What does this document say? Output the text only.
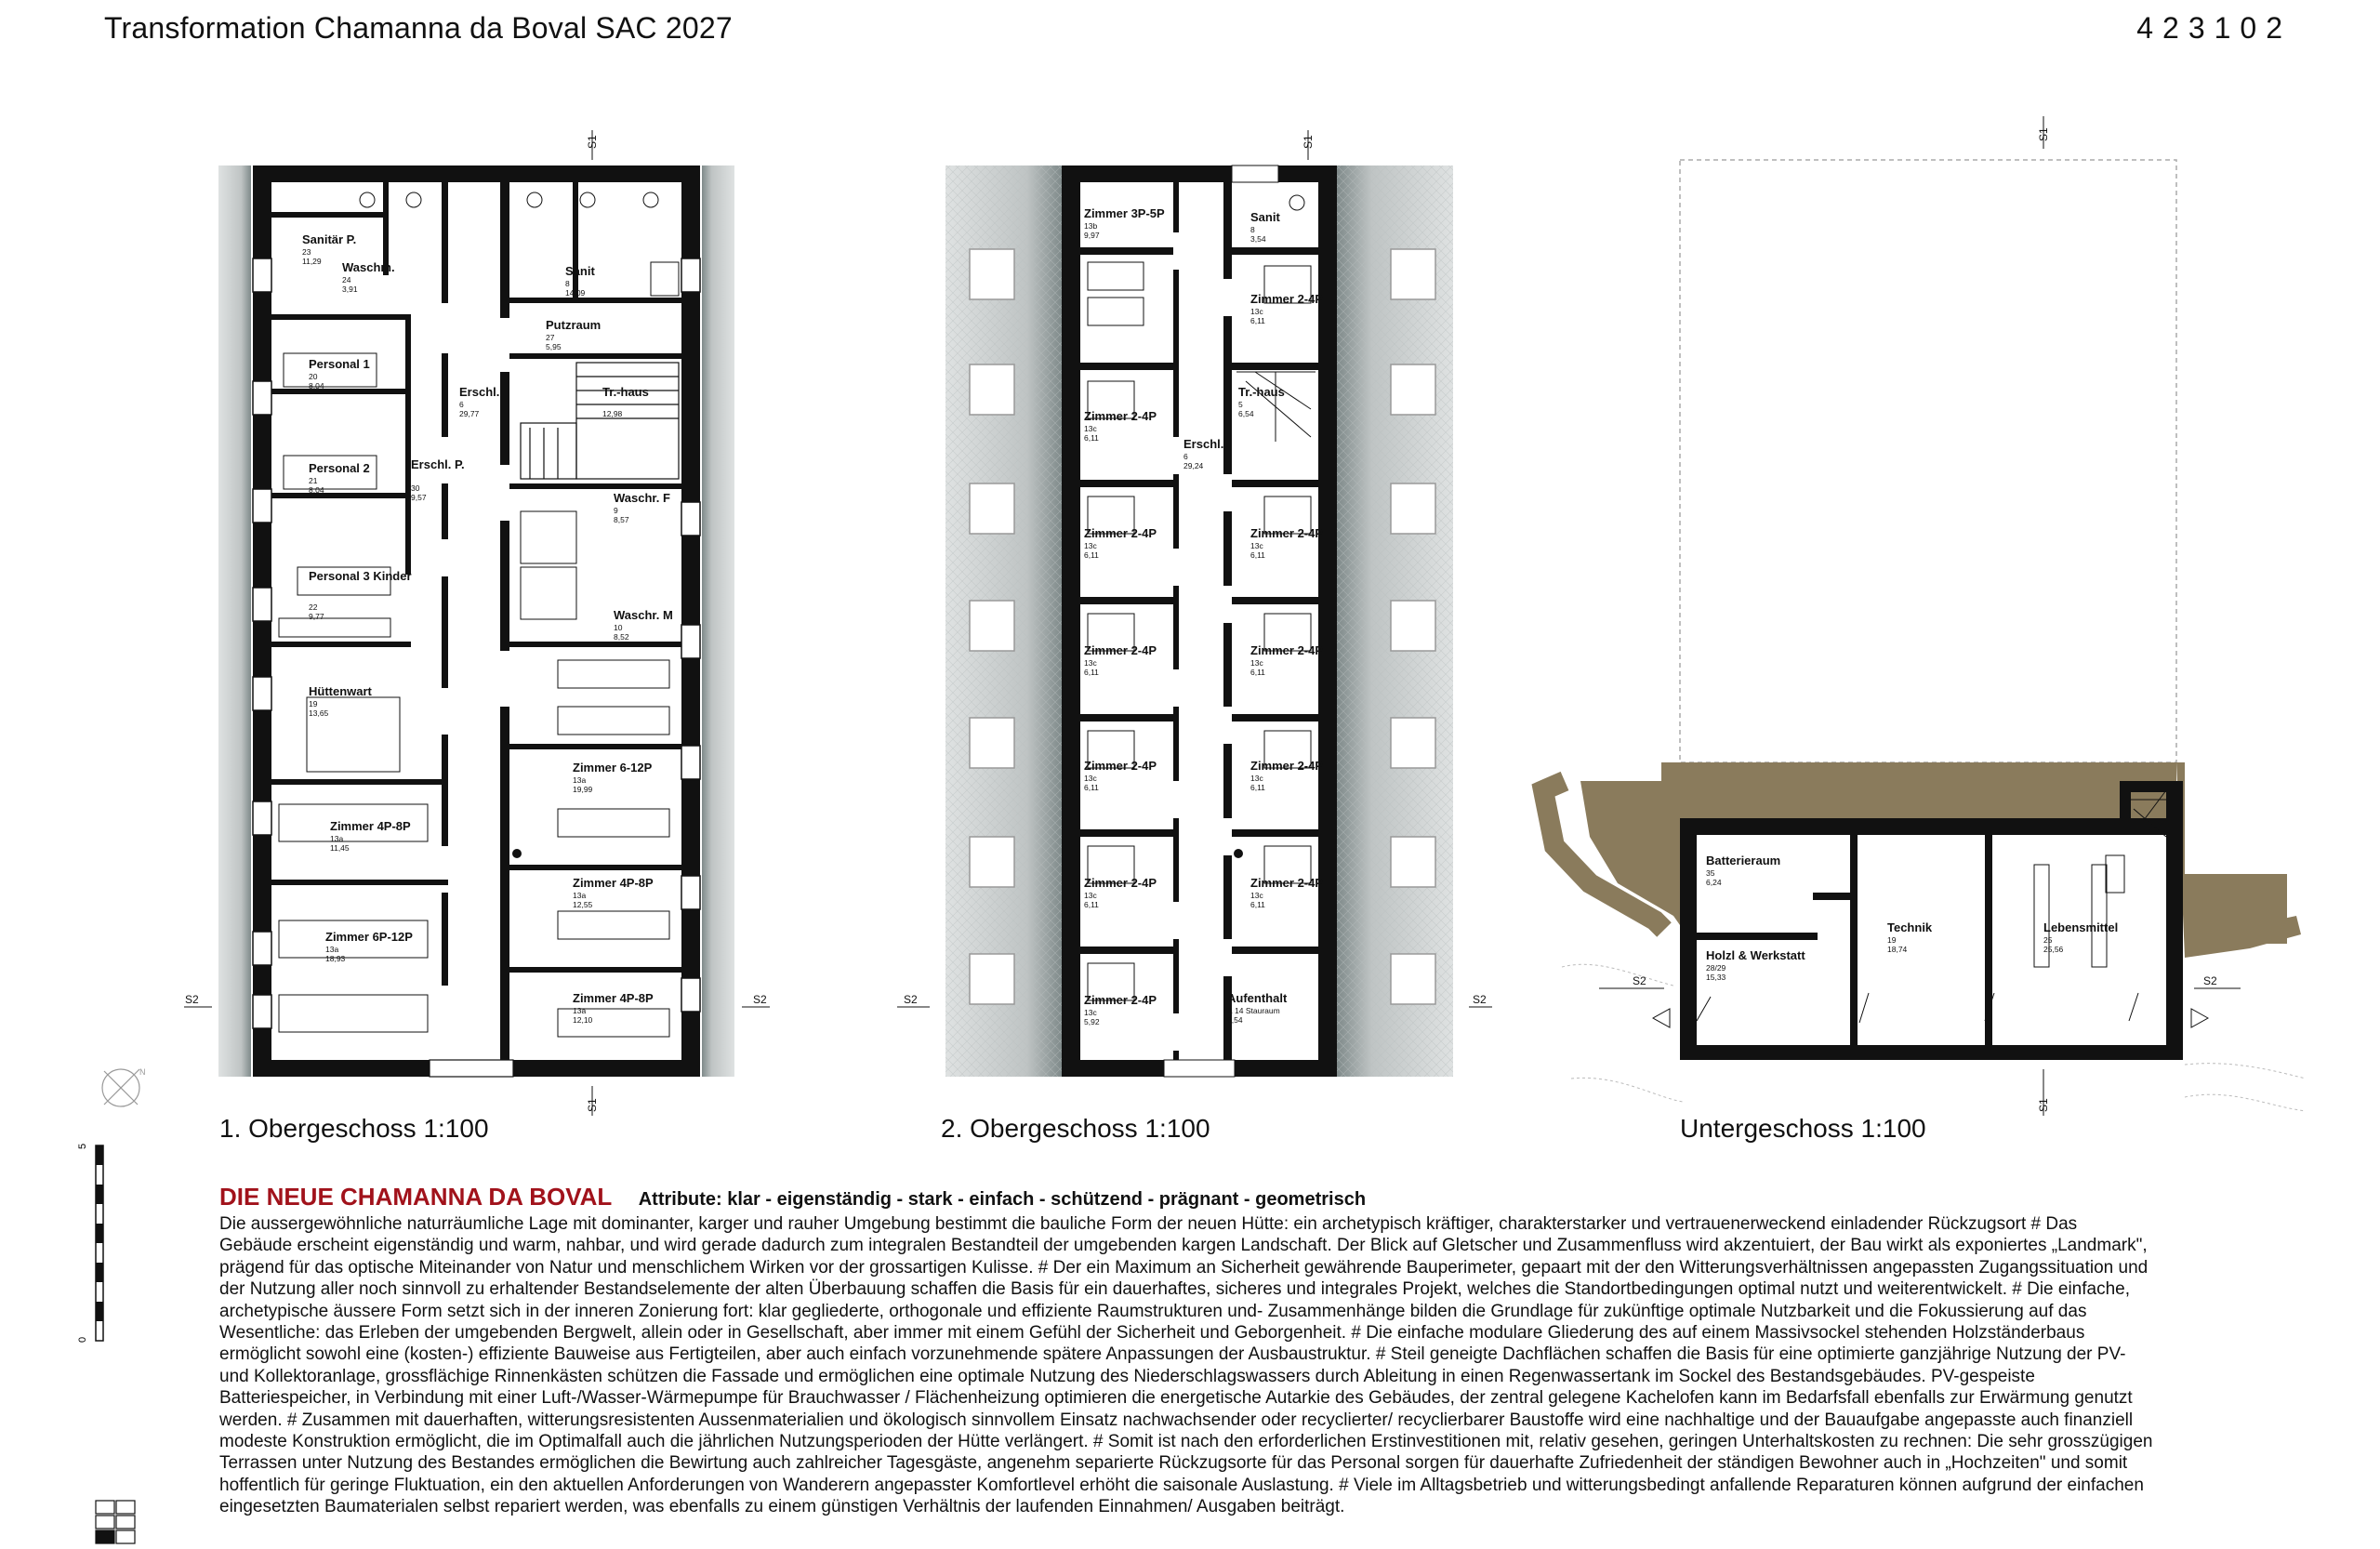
Transformation Chamanna da Boval SAC 2027	423102
Sanitär P.
23
11,29 Waschm.
24
3,91
Personal 1
20
8,04
Personal 2
21
8,04
Erschl. P.
30
9,57
Personal 3 Kinder
22
9,77
Hüttenwart
19
13,65
Zimmer 4P-8P
13a
11,45
Zimmer 6P-12P
13a
18,93
Erschl.
6
29,77
Sanit
8
14,09
Putzraum
27
5,95
Tr.-haus
12,98
Waschr. F
9
8,57
Waschr. M
10
8,52
Zimmer 6-12P
13a
19,99
Zimmer 4P-8P
13a
12,55
Zimmer 4P-8P
13a
12,10
S1
S1
S2	S2
Zimmer 3P-5P
13b
9,97
Sanit
8
3,54
Zimmer 2-4P
13c
6,11
Tr.-haus
5
6,54
Zimmer 2-4P
13c
6,11	Erschl.
6
29,24
Zimmer 2-4P
13c
6,11
Zimmer 2-4P
13c
6,11
Zimmer 2-4P
13c
6,11
Zimmer 2-4P
13c
6,11
Zimmer 2-4P
13c
6,11
Zimmer 2-4P
13c
6,11
Zimmer 2-4P
13c
6,11
Zimmer 2-4P
13c
6,11
Zimmer 2-4P
13c
5,92
Aufenthalt
& 14 Stauraum
6,54
S1
S2	S2
Batterieraum
35
6,24
Holzl & Werkstatt
28/29
15,33
Technik
19
18,74
Lebensmittel
25
25,56
S1
S1
S2	S2
N
5
0
1. Obergeschoss 1:100	2. Obergeschoss 1:100	Untergeschoss 1:100
DIE NEUE CHAMANNA DA BOVAL Attribute: klar - eigenständig - stark - einfach - schützend - prägnant - geometrisch
Die aussergewöhnliche naturräumliche Lage mit dominanter, karger und rauher Umgebung bestimmt die bauliche Form der neuen Hütte: ein archetypisch kräftiger, charakterstarker und vertrauenerweckend einladender Rückzugsort # Das Gebäude erscheint eigenständig und warm, nahbar, und wird gerade dadurch zum integralen Bestandteil der umgebenden kargen Landschaft. Der Blick auf Gletscher und Zusammenfluss wird akzentuiert, der Bau wirkt als exponiertes „Landmark", prägend für das optische Miteinander von Natur und menschlichem Wirken vor der grossartigen Kulisse. # Der ein Maximum an Sicherheit gewährende Bauperimeter, gepaart mit der den Witterungsverhältnissen angepassten Zugangssituation und der Nutzung aller noch sinnvoll zu erhaltender Bestandselemente der alten Überbauung schaffen die Basis für ein dauerhaftes, sicheres und integrales Projekt, welches die Standortbedingungen optimal nutzt und weiterentwickelt. # Die einfache, archetypische äussere Form setzt sich in der inneren Zonierung fort: klar gegliederte, orthogonale und effiziente Raumstrukturen und- Zusammenhänge bilden die Grundlage für zukünftige optimale Nutzbarkeit und die Fokussierung auf das Wesentliche: das Erleben der umgebenden Bergwelt, allein oder in Gesellschaft, aber immer mit einem Gefühl der Sicherheit und Geborgenheit. # Die einfache modulare Gliederung des auf einem Massivsockel stehenden Holzständerbaus ermöglicht sowohl eine (kosten-) effiziente Bauweise aus Fertigteilen, aber auch einfach vorzunehmende spätere Anpassungen der Ausbaustruktur. # Steil geneigte Dachflächen schaffen die Basis für eine optimierte ganzjährige Nutzung der PV- und Kollektoranlage, grossflächige Rinnenkästen schützen die Fassade und ermöglichen eine optimale Nutzung des Niederschlagswassers durch Ableitung in einen Regenwassertank im Sockel des Bestandsgebäudes. PV-gespeiste Batteriespeicher, in Verbindung mit einer Luft-/Wasser-Wärmepumpe für Brauchwasser / Flächenheizung optimieren die energetische Autarkie des Gebäudes, der zentral gelegene Kachelofen kann im Bedarfsfall ebenfalls zur Erwärmung genutzt werden. # Zusammen mit dauerhaften, witterungsresistenten Aussenmaterialien und ökologisch sinnvollem Einsatz nachwachsender oder recyclierter/ recyclierbarer Baustoffe wird eine nachhaltige und der Bauaufgabe angepasste auch finanziell modeste Konstruktion ermöglicht, die im Optimalfall auch die jährlichen Nutzungsperioden der Hütte verlängert. # Somit ist nach den erforderlichen Erstinvestitionen mit, relativ gesehen, geringen Unterhaltskosten zu rechnen: Die sehr grosszügigen Terrassen unter Nutzung des Bestandes ermöglichen die Bewirtung auch zahlreicher Tagesgäste, angenehm separierte Rückzugsorte für das Personal sorgen für dauerhafte Zufriedenheit der ständigen Bewohner auch in „Hochzeiten" und somit hoffentlich für geringe Fluktuation, ein den aktuellen Anforderungen von Wanderern angepasster Komfortlevel erhöht die saisonale Auslastung. # Viele im Alltagsbetrieb und witterungsbedingt anfallende Reparaturen können aufgrund der einfachen eingesetzten Baumaterialen selbst repariert werden, was ebenfalls zu einem günstigen Verhältnis der laufenden Einnahmen/ Ausgaben beiträgt.
